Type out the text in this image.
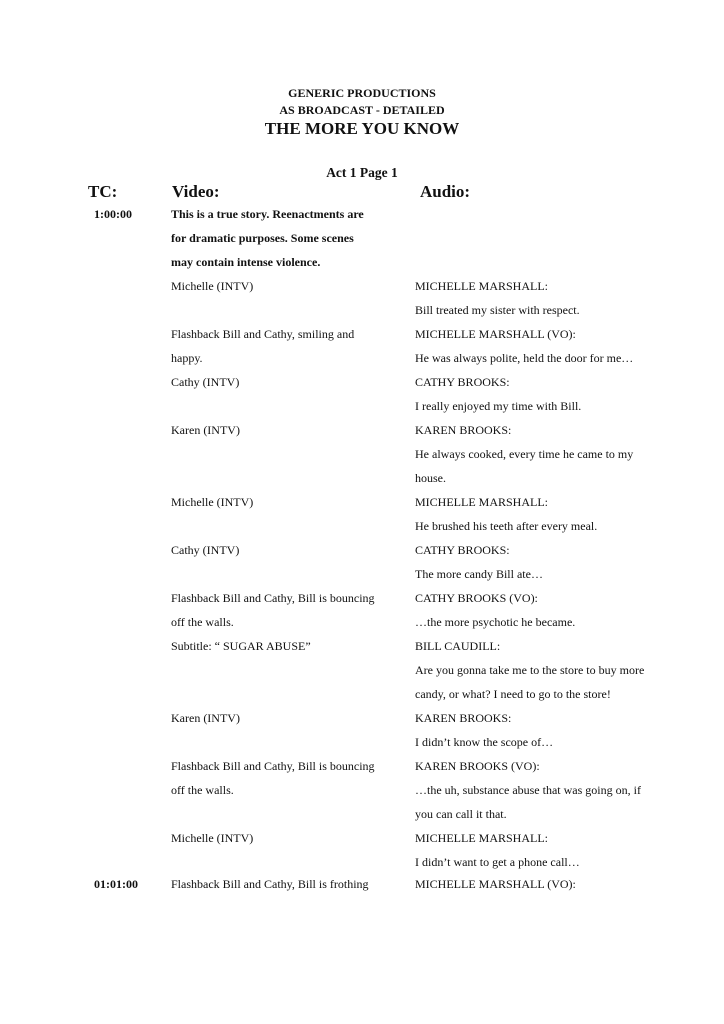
GENERIC PRODUCTIONS
AS BROADCAST - DETAILED
THE MORE YOU KNOW
Act 1 Page 1
TC:	Video:	Audio:
1:00:00
01:01:00
This is a true story. Reenactments are
for dramatic purposes. Some scenes
may contain intense violence.
Michelle (INTV)
Flashback Bill and Cathy, smiling and
happy.
Cathy (INTV)
Karen (INTV)
Michelle (INTV)
Cathy (INTV)
Flashback Bill and Cathy, Bill is bouncing
off the walls.
Subtitle: “ SUGAR ABUSE”
Karen (INTV)
Flashback Bill and Cathy, Bill is bouncing
off the walls.
Michelle (INTV)
Flashback Bill and Cathy, Bill is frothing
MICHELLE MARSHALL:
Bill treated my sister with respect.
MICHELLE MARSHALL (VO):
He was always polite, held the door for me…
CATHY BROOKS:
I really enjoyed my time with Bill.
KAREN BROOKS:
He always cooked, every time he came to my
house.
MICHELLE MARSHALL:
He brushed his teeth after every meal.
CATHY BROOKS:
The more candy Bill ate…
CATHY BROOKS (VO):
…the more psychotic he became.
BILL CAUDILL:
Are you gonna take me to the store to buy more
candy, or what? I need to go to the store!
KAREN BROOKS:
I didn’t know the scope of…
KAREN BROOKS (VO):
…the uh, substance abuse that was going on, if
you can call it that.
MICHELLE MARSHALL:
I didn’t want to get a phone call…
MICHELLE MARSHALL (VO):
